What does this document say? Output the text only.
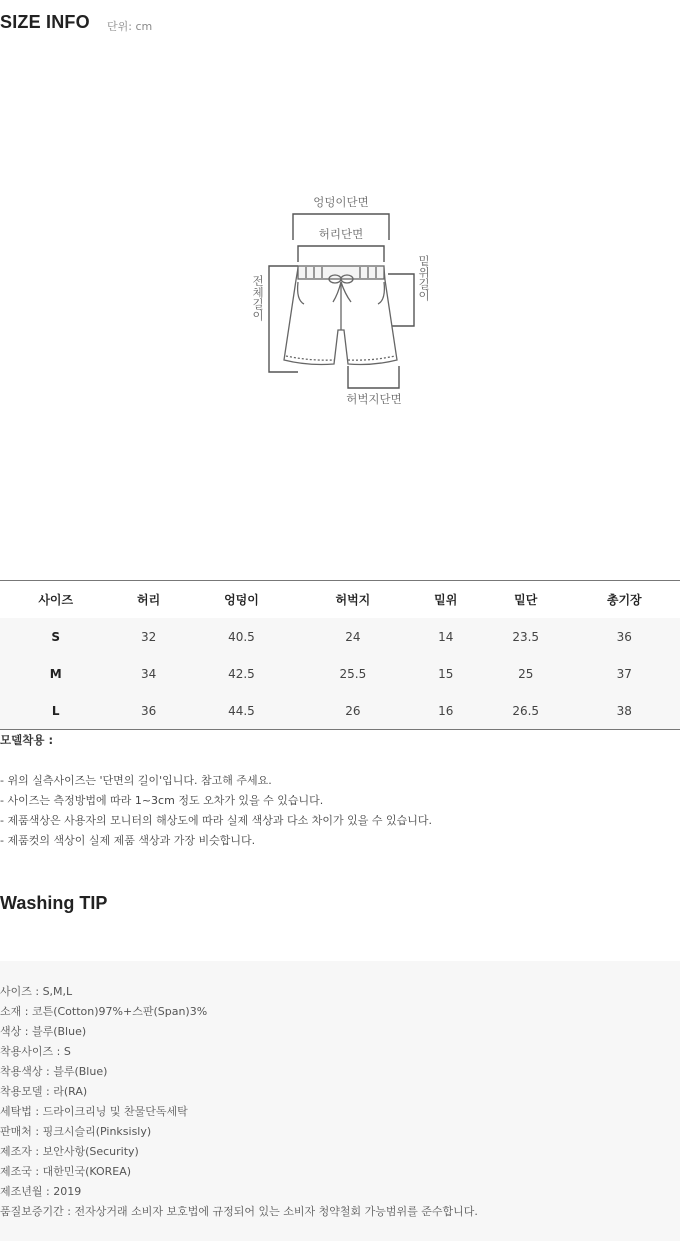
SIZE INFO 단위: cm
엉덩이단면
허리단면
허벅지단면
전체길이	밑위길이
사이즈	허리	엉덩이	허벅지	밑위	밑단	총기장
S	32	40.5	24	14	23.5	36
M	34	42.5	25.5	15	25	37
L	36	44.5	26	16	26.5	38
모델착용 :
- 위의 실측사이즈는 '단면의 길이'입니다. 참고해 주세요.
- 사이즈는 측정방법에 따라 1~3cm 정도 오차가 있을 수 있습니다.
- 제품색상은 사용자의 모니터의 해상도에 따라 실제 색상과 다소 차이가 있을 수 있습니다.
- 제품컷의 색상이 실제 제품 색상과 가장 비슷합니다.
Washing TIP
사이즈 : S,M,L
소재 : 코튼(Cotton)97%+스판(Span)3%
색상 : 블루(Blue)
착용사이즈 : S
착용색상 : 블루(Blue)
착용모델 : 라(RA)
세탁법 : 드라이크리닝 및 찬물단독세탁
판매처 : 핑크시슬리(Pinksisly)
제조자 : 보안사항(Security)
제조국 : 대한민국(KOREA)
제조년월 : 2019
품질보증기간 : 전자상거래 소비자 보호법에 규정되어 있는 소비자 청약철회 가능범위를 준수합니다.
